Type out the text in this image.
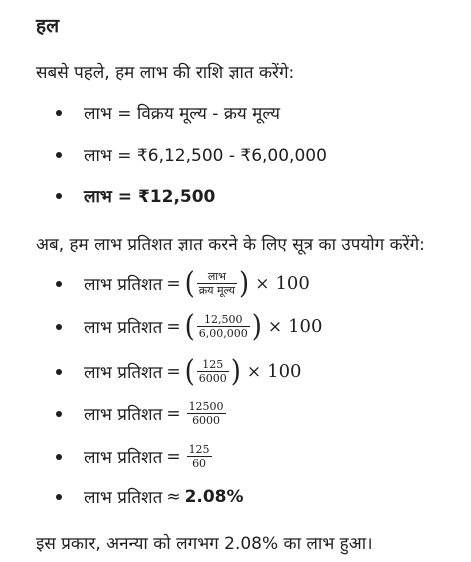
हल
सबसे पहले, हम लाभ की राशि ज्ञात करेंगे:
लाभ = विक्रय मूल्य - क्रय मूल्य
लाभ = ₹6,12,500 - ₹6,00,000
लाभ = ₹12,500
अब, हम लाभ प्रतिशत ज्ञात करने के लिए सूत्र का उपयोग करेंगे:
लाभ प्रतिशत = ( $\frac{\text{लाभ}}{\text{क्रय मूल्य}}$ ) × 100
लाभ प्रतिशत = ( $\frac{12,500}{6,00,000}$ ) × 100
लाभ प्रतिशत = ( $\frac{125}{6000}$ ) × 100
लाभ प्रतिशत = $\frac{12500}{6000}$
लाभ प्रतिशत = $\frac{125}{60}$
लाभ प्रतिशत ≈ 2.08%
इस प्रकार, अनन्या को लगभग 2.08% का लाभ हुआ।
